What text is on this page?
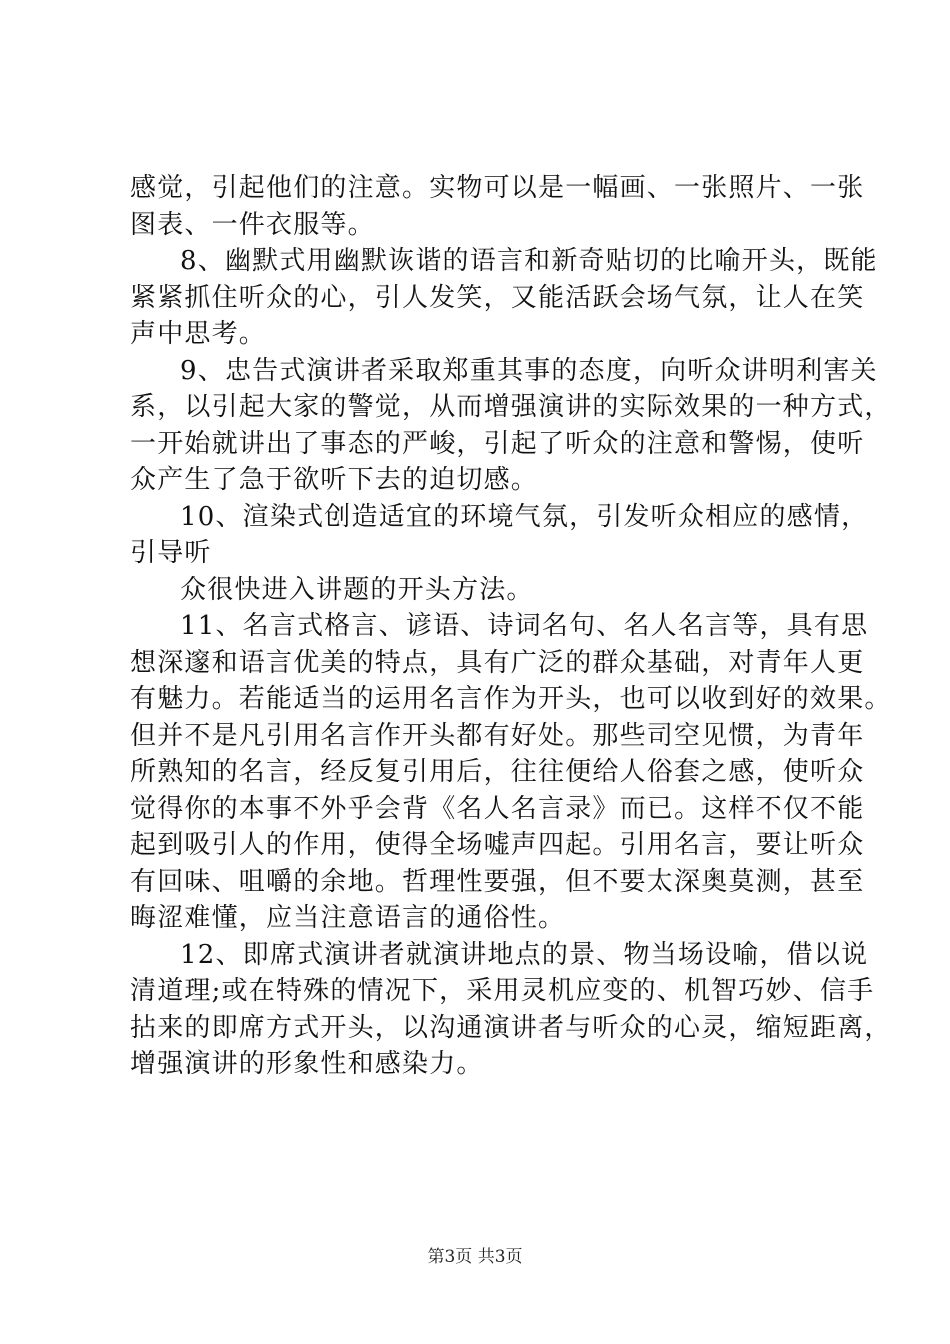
感觉，引起他们的注意。实物可以是一幅画、一张照片、一张
图表、一件衣服等。

8、幽默式用幽默诙谐的语言和新奇贴切的比喻开头，既能
紧紧抓住听众的心，引人发笑，又能活跃会场气氛，让人在笑
声中思考。

9、忠告式演讲者采取郑重其事的态度，向听众讲明利害关
系，以引起大家的警觉，从而增强演讲的实际效果的一种方式，
一开始就讲出了事态的严峻，引起了听众的注意和警惕，使听
众产生了急于欲听下去的迫切感。

10、渲染式创造适宜的环境气氛，引发听众相应的感情，
引导听

众很快进入讲题的开头方法。

11、名言式格言、谚语、诗词名句、名人名言等，具有思
想深邃和语言优美的特点，具有广泛的群众基础，对青年人更
有魅力。若能适当的运用名言作为开头，也可以收到好的效果。
但并不是凡引用名言作开头都有好处。那些司空见惯，为青年
所熟知的名言，经反复引用后，往往便给人俗套之感，使听众
觉得你的本事不外乎会背《名人名言录》而已。这样不仅不能
起到吸引人的作用，使得全场嘘声四起。引用名言，要让听众
有回味、咀嚼的余地。哲理性要强，但不要太深奥莫测，甚至
晦涩难懂，应当注意语言的通俗性。

12、即席式演讲者就演讲地点的景、物当场设喻，借以说
清道理;或在特殊的情况下，采用灵机应变的、机智巧妙、信手
拈来的即席方式开头，以沟通演讲者与听众的心灵，缩短距离，
增强演讲的形象性和感染力。

第3页 共3页
